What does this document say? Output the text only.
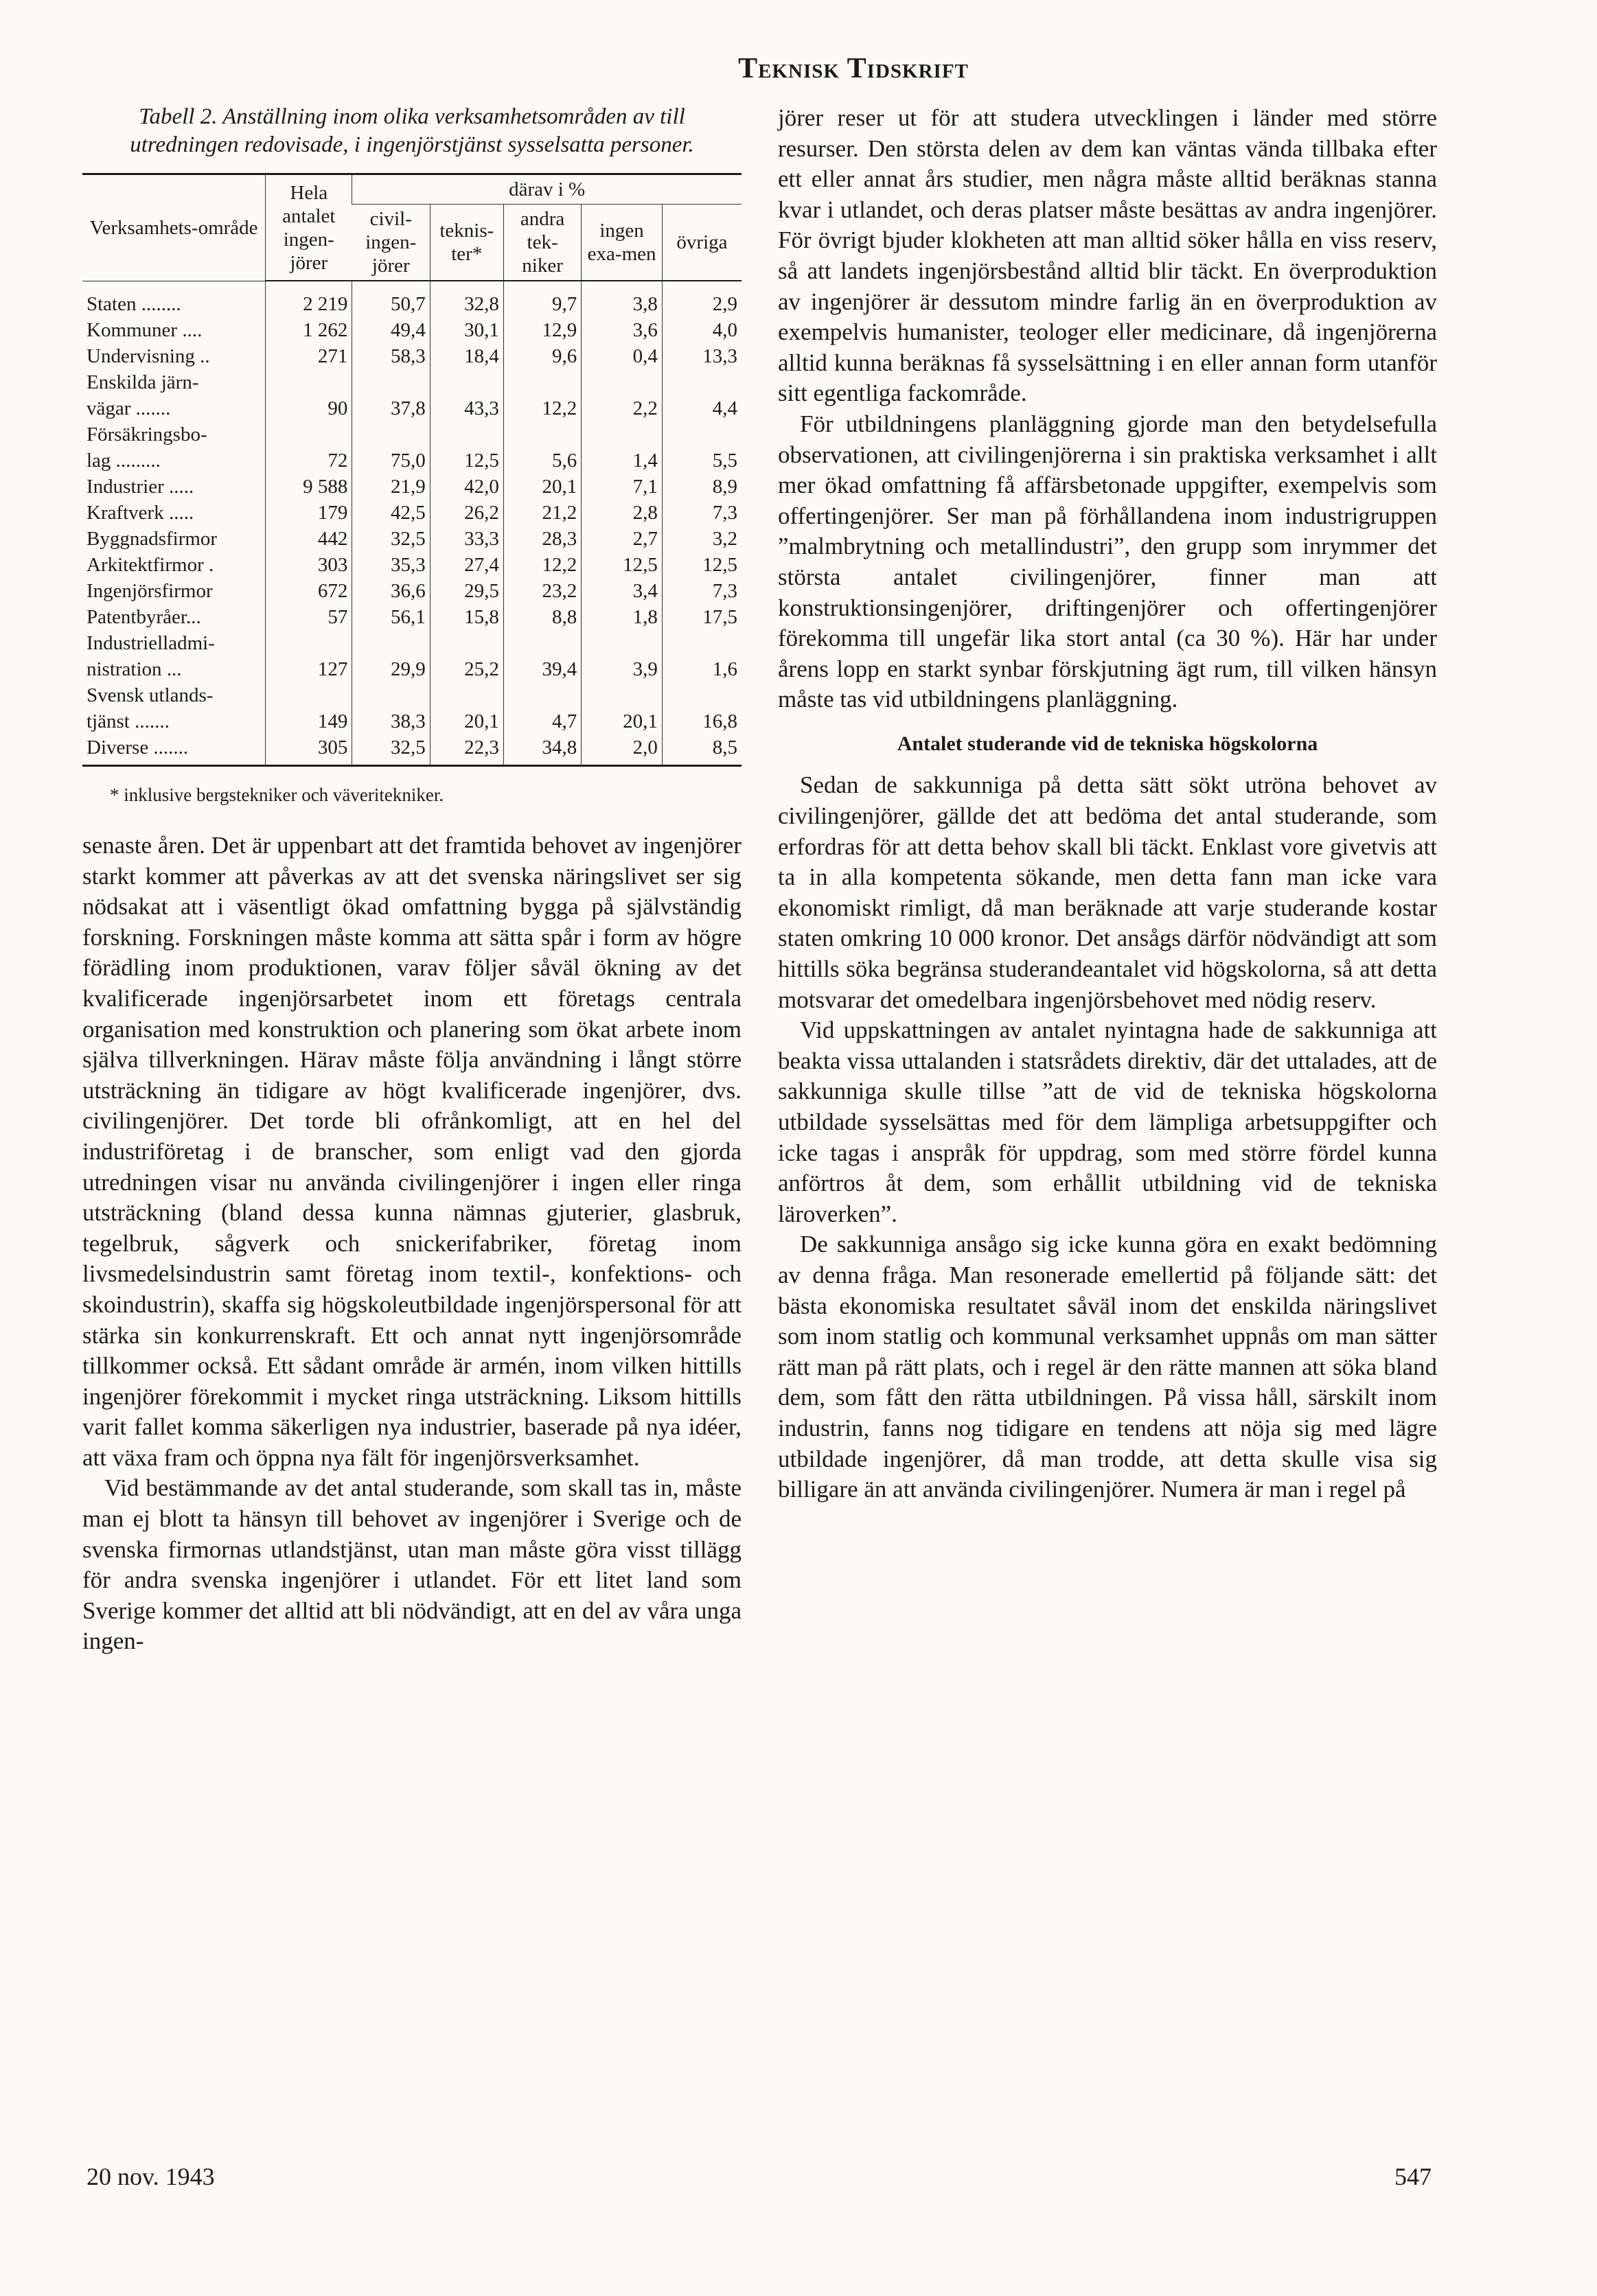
Teknisk Tidskrift

Tabell 2. Anställning inom olika verksamhetsområden av till utredningen redovisade, i ingenjörstjänst sysselsatta personer.

Verksamhets-område	Hela antalet ingen-jörer	därav i %				
		civil-ingen-jörer	teknis-ter*	andra tek-niker	ingen exa-men	övriga
Staten ........	2 219	50,7	32,8	9,7	3,8	2,9
Kommuner ....	1 262	49,4	30,1	12,9	3,6	4,0
Undervisning ..	271	58,3	18,4	9,6	0,4	13,3
Enskilda järn-						
vägar .......	90	37,8	43,3	12,2	2,2	4,4
Försäkringsbo-						
lag .........	72	75,0	12,5	5,6	1,4	5,5
Industrier .....	9 588	21,9	42,0	20,1	7,1	8,9
Kraftverk .....	179	42,5	26,2	21,2	2,8	7,3
Byggnadsfirmor	442	32,5	33,3	28,3	2,7	3,2
Arkitektfirmor .	303	35,3	27,4	12,2	12,5	12,5
Ingenjörsfirmor	672	36,6	29,5	23,2	3,4	7,3
Patentbyråer...	57	56,1	15,8	8,8	1,8	17,5
Industrielladmi-						
nistration ...	127	29,9	25,2	39,4	3,9	1,6
Svensk utlands-						
tjänst .......	149	38,3	20,1	4,7	20,1	16,8
Diverse .......	305	32,5	22,3	34,8	2,0	8,5
* inklusive bergstekniker och väveritekniker.

senaste åren. Det är uppenbart att det framtida behovet av ingenjörer starkt kommer att påverkas av att det svenska näringslivet ser sig nödsakat att i väsentligt ökad omfattning bygga på självständig forskning. Forskningen måste komma att sätta spår i form av högre förädling inom produktionen, varav följer såväl ökning av det kvalificerade ingenjörsarbetet inom ett företags centrala organisation med konstruktion och planering som ökat arbete inom själva tillverkningen. Härav måste följa användning i långt större utsträckning än tidigare av högt kvalificerade ingenjörer, dvs. civilingenjörer. Det torde bli ofrånkomligt, att en hel del industriföretag i de branscher, som enligt vad den gjorda utredningen visar nu använda civilingenjörer i ingen eller ringa utsträckning (bland dessa kunna nämnas gjuterier, glasbruk, tegelbruk, sågverk och snickerifabriker, företag inom livsmedelsindustrin samt företag inom textil-, konfektions- och skoindustrin), skaffa sig högskoleutbildade ingenjörspersonal för att stärka sin konkurrenskraft. Ett och annat nytt ingenjörsområde tillkommer också. Ett sådant område är armén, inom vilken hittills ingenjörer förekommit i mycket ringa utsträckning. Liksom hittills varit fallet komma säkerligen nya industrier, baserade på nya idéer, att växa fram och öppna nya fält för ingenjörsverksamhet.

Vid bestämmande av det antal studerande, som skall tas in, måste man ej blott ta hänsyn till behovet av ingenjörer i Sverige och de svenska firmornas utlandstjänst, utan man måste göra visst tillägg för andra svenska ingenjörer i utlandet. För ett litet land som Sverige kommer det alltid att bli nödvändigt, att en del av våra unga ingen-

jörer reser ut för att studera utvecklingen i länder med större resurser. Den största delen av dem kan väntas vända tillbaka efter ett eller annat års studier, men några måste alltid beräknas stanna kvar i utlandet, och deras platser måste besättas av andra ingenjörer. För övrigt bjuder klokheten att man alltid söker hålla en viss reserv, så att landets ingenjörsbestånd alltid blir täckt. En överproduktion av ingenjörer är dessutom mindre farlig än en överproduktion av exempelvis humanister, teologer eller medicinare, då ingenjörerna alltid kunna beräknas få sysselsättning i en eller annan form utanför sitt egentliga fackområde.

För utbildningens planläggning gjorde man den betydelsefulla observationen, att civilingenjörerna i sin praktiska verksamhet i allt mer ökad omfattning få affärsbetonade uppgifter, exempelvis som offertingenjörer. Ser man på förhållandena inom industrigruppen ”malmbrytning och metallindustri”, den grupp som inrymmer det största antalet civilingenjörer, finner man att konstruktionsingenjörer, driftingenjörer och offertingenjörer förekomma till ungefär lika stort antal (ca 30 %). Här har under årens lopp en starkt synbar förskjutning ägt rum, till vilken hänsyn måste tas vid utbildningens planläggning.

Antalet studerande vid de tekniska högskolorna

Sedan de sakkunniga på detta sätt sökt utröna behovet av civilingenjörer, gällde det att bedöma det antal studerande, som erfordras för att detta behov skall bli täckt. Enklast vore givetvis att ta in alla kompetenta sökande, men detta fann man icke vara ekonomiskt rimligt, då man beräknade att varje studerande kostar staten omkring 10 000 kronor. Det ansågs därför nödvändigt att som hittills söka begränsa studerandeantalet vid högskolorna, så att detta motsvarar det omedelbara ingenjörsbehovet med nödig reserv.

Vid uppskattningen av antalet nyintagna hade de sakkunniga att beakta vissa uttalanden i statsrådets direktiv, där det uttalades, att de sakkunniga skulle tillse ”att de vid de tekniska högskolorna utbildade sysselsättas med för dem lämpliga arbetsuppgifter och icke tagas i anspråk för uppdrag, som med större fördel kunna anförtros åt dem, som erhållit utbildning vid de tekniska läroverken”.

De sakkunniga ansågo sig icke kunna göra en exakt bedömning av denna fråga. Man resonerade emellertid på följande sätt: det bästa ekonomiska resultatet såväl inom det enskilda näringslivet som inom statlig och kommunal verksamhet uppnås om man sätter rätt man på rätt plats, och i regel är den rätte mannen att söka bland dem, som fått den rätta utbildningen. På vissa håll, särskilt inom industrin, fanns nog tidigare en tendens att nöja sig med lägre utbildade ingenjörer, då man trodde, att detta skulle visa sig billigare än att använda civilingenjörer. Numera är man i regel på

20 nov. 1943	547
